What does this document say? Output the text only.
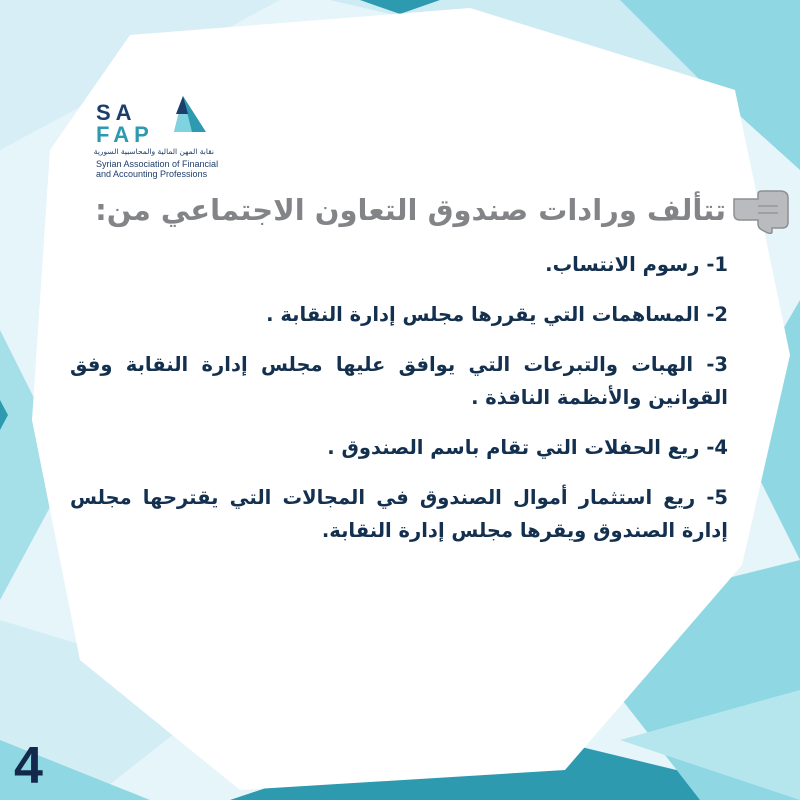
SA
FAP
نقابة المهن المالية والمحاسبية السورية
Syrian Association of Financial
and Accounting Professions
تتألف ورادات صندوق التعاون الاجتماعي من:

1- رسوم الانتساب.

2- المساهمات التي يقررها مجلس إدارة النقابة .

3- الهبات والتبرعات التي يوافق عليها مجلس إدارة النقابة وفق القوانين والأنظمة النافذة .

4- ريع الحفلات التي تقام باسم الصندوق .

5- ريع استثمار أموال الصندوق في المجالات التي يقترحها مجلس إدارة الصندوق ويقرها مجلس إدارة النقابة.

4
